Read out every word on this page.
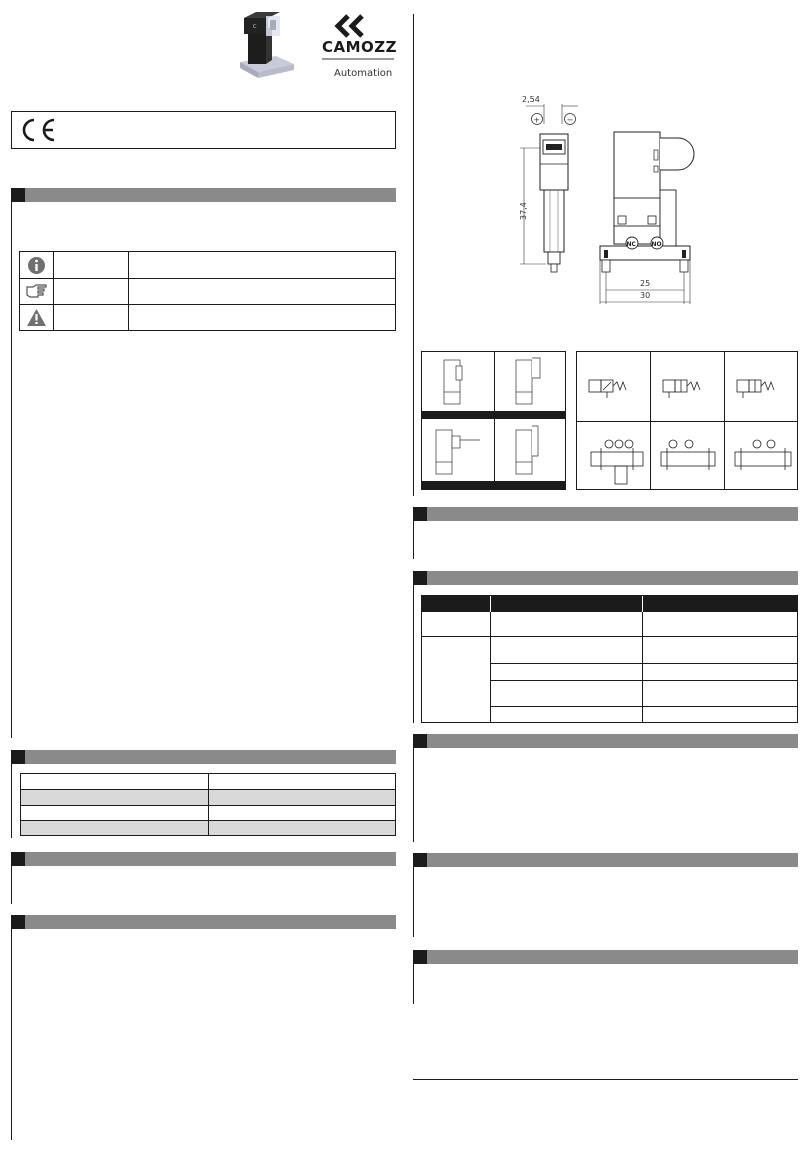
C
CAMOZZI
Automation
2,54
+	−
37,4
NC	NO
25
30
